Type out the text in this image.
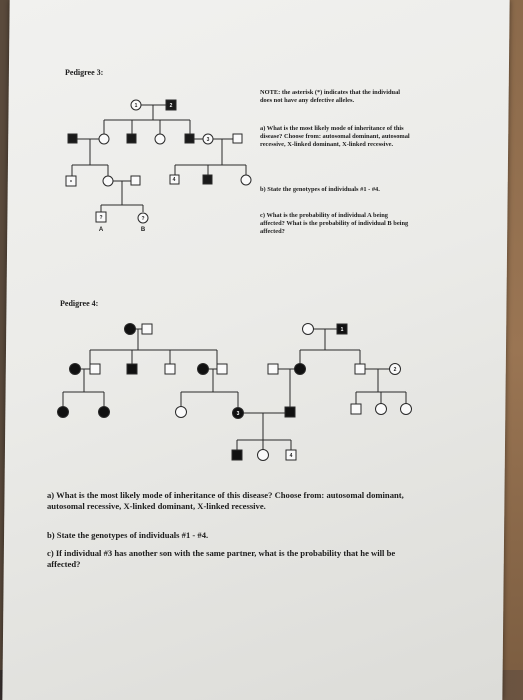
Pedigree 3:
NOTE: the asterisk (*) indicates that the individual does not have any defective alleles.
a) What is the most likely mode of inheritance of this disease? Choose from: autosomal dominant, autosomal recessive, X-linked dominant, X-linked recessive.
b) State the genotypes of individuals #1 - #4.
c) What is the probability of individual A being affected? What is the probability of individual B being affected?
Pedigree 4:
a) What is the most likely mode of inheritance of this disease? Choose from: autosomal dominant, autosomal recessive, X-linked dominant, X-linked recessive.
b) State the genotypes of individuals #1 - #4.
c) If individual #3 has another son with the same partner, what is the probability that he will be affected?
1	2
3
4
*
?	?
A	B
1
2
3
4
